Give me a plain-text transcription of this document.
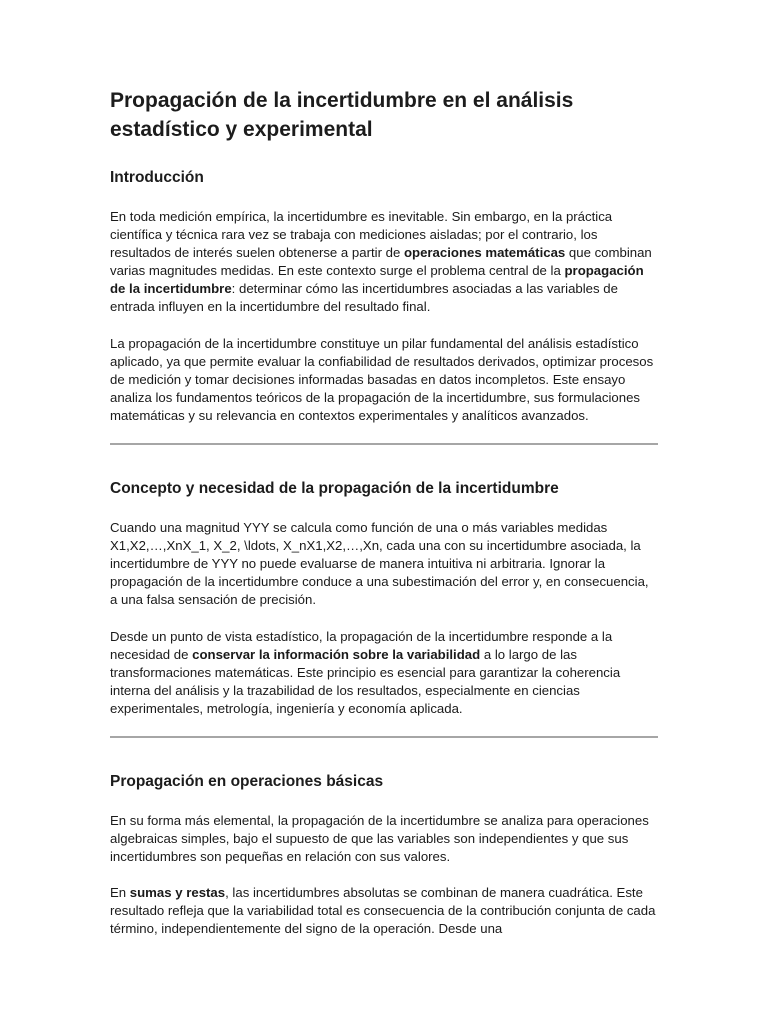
Propagación de la incertidumbre en el análisis estadístico y experimental
Introducción

En toda medición empírica, la incertidumbre es inevitable. Sin embargo, en la práctica científica y técnica rara vez se trabaja con mediciones aisladas; por el contrario, los resultados de interés suelen obtenerse a partir de operaciones matemáticas que combinan varias magnitudes medidas. En este contexto surge el problema central de la propagación de la incertidumbre: determinar cómo las incertidumbres asociadas a las variables de entrada influyen en la incertidumbre del resultado final.

La propagación de la incertidumbre constituye un pilar fundamental del análisis estadístico aplicado, ya que permite evaluar la confiabilidad de resultados derivados, optimizar procesos de medición y tomar decisiones informadas basadas en datos incompletos. Este ensayo analiza los fundamentos teóricos de la propagación de la incertidumbre, sus formulaciones matemáticas y su relevancia en contextos experimentales y analíticos avanzados.

Concepto y necesidad de la propagación de la incertidumbre

Cuando una magnitud YYY se calcula como función de una o más variables medidas X1,X2,…,XnX_1, X_2, \ldots, X_nX1,X2,…,Xn, cada una con su incertidumbre asociada, la incertidumbre de YYY no puede evaluarse de manera intuitiva ni arbitraria. Ignorar la propagación de la incertidumbre conduce a una subestimación del error y, en consecuencia, a una falsa sensación de precisión.

Desde un punto de vista estadístico, la propagación de la incertidumbre responde a la necesidad de conservar la información sobre la variabilidad a lo largo de las transformaciones matemáticas. Este principio es esencial para garantizar la coherencia interna del análisis y la trazabilidad de los resultados, especialmente en ciencias experimentales, metrología, ingeniería y economía aplicada.

Propagación en operaciones básicas

En su forma más elemental, la propagación de la incertidumbre se analiza para operaciones algebraicas simples, bajo el supuesto de que las variables son independientes y que sus incertidumbres son pequeñas en relación con sus valores.

En sumas y restas, las incertidumbres absolutas se combinan de manera cuadrática. Este resultado refleja que la variabilidad total es consecuencia de la contribución conjunta de cada término, independientemente del signo de la operación. Desde una
